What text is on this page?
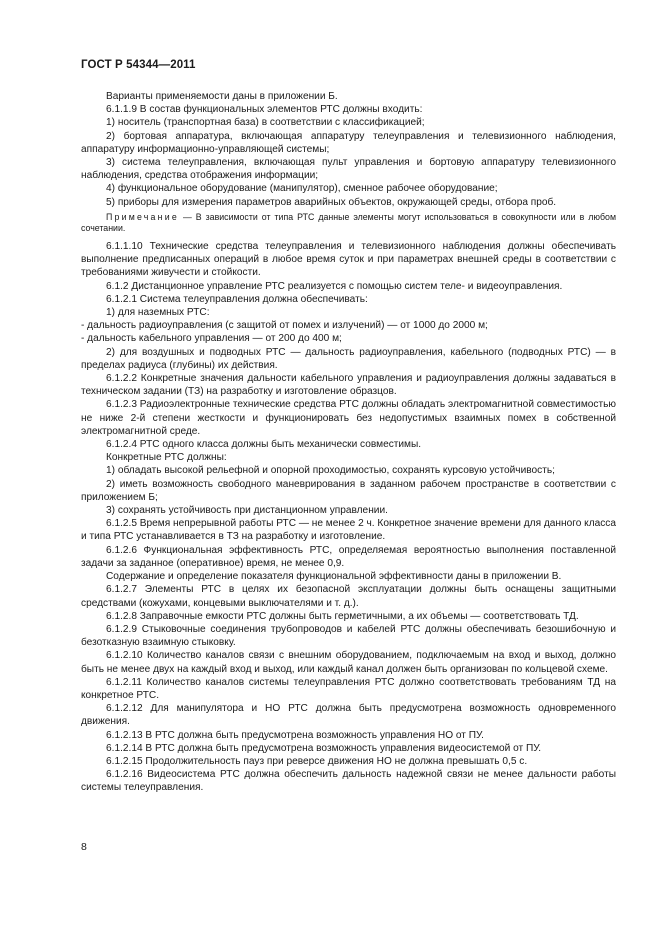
ГОСТ Р 54344—2011

Варианты применяемости даны в приложении Б.

6.1.1.9 В состав функциональных элементов РТС должны входить:

1) носитель (транспортная база) в соответствии с классификацией;

2) бортовая аппаратура, включающая аппаратуру телеуправления и телевизионного наблюдения, аппаратуру информационно-управляющей системы;

3) система телеуправления, включающая пульт управления и бортовую аппаратуру телевизионного наблюдения, средства отображения информации;

4) функциональное оборудование (манипулятор), сменное рабочее оборудование;

5) приборы для измерения параметров аварийных объектов, окружающей среды, отбора проб.

Примечание — В зависимости от типа РТС данные элементы могут использоваться в совокупности или в любом сочетании.

6.1.1.10 Технические средства телеуправления и телевизионного наблюдения должны обеспечивать выполнение предписанных операций в любое время суток и при параметрах внешней среды в соответствии с требованиями живучести и стойкости.

6.1.2 Дистанционное управление РТС реализуется с помощью систем теле- и видеоуправления.

6.1.2.1 Система телеуправления должна обеспечивать:

1) для наземных РТС:

- дальность радиоуправления (с защитой от помех и излучений) — от 1000 до 2000 м;

- дальность кабельного управления — от 200 до 400 м;

2) для воздушных и подводных РТС — дальность радиоуправления, кабельного (подводных РТС) — в пределах радиуса (глубины) их действия.

6.1.2.2 Конкретные значения дальности кабельного управления и радиоуправления должны задаваться в техническом задании (ТЗ) на разработку и изготовление образцов.

6.1.2.3 Радиоэлектронные технические средства РТС должны обладать электромагнитной совместимостью не ниже 2-й степени жесткости и функционировать без недопустимых взаимных помех в собственной электромагнитной среде.

6.1.2.4 РТС одного класса должны быть механически совместимы.

Конкретные РТС должны:

1) обладать высокой рельефной и опорной проходимостью, сохранять курсовую устойчивость;

2) иметь возможность свободного маневрирования в заданном рабочем пространстве в соответствии с приложением Б;

3) сохранять устойчивость при дистанционном управлении.

6.1.2.5 Время непрерывной работы РТС — не менее 2 ч. Конкретное значение времени для данного класса и типа РТС устанавливается в ТЗ на разработку и изготовление.

6.1.2.6 Функциональная эффективность РТС, определяемая вероятностью выполнения поставленной задачи за заданное (оперативное) время, не менее 0,9.

Содержание и определение показателя функциональной эффективности даны в приложении В.

6.1.2.7 Элементы РТС в целях их безопасной эксплуатации должны быть оснащены защитными средствами (кожухами, концевыми выключателями и т. д.).

6.1.2.8 Заправочные емкости РТС должны быть герметичными, а их объемы — соответствовать ТД.

6.1.2.9 Стыковочные соединения трубопроводов и кабелей РТС должны обеспечивать безошибочную и безотказную взаимную стыковку.

6.1.2.10 Количество каналов связи с внешним оборудованием, подключаемым на вход и выход, должно быть не менее двух на каждый вход и выход, или каждый канал должен быть организован по кольцевой схеме.

6.1.2.11 Количество каналов системы телеуправления РТС должно соответствовать требованиям ТД на конкретное РТС.

6.1.2.12 Для манипулятора и НО РТС должна быть предусмотрена возможность одновременного движения.

6.1.2.13 В РТС должна быть предусмотрена возможность управления НО от ПУ.

6.1.2.14 В РТС должна быть предусмотрена возможность управления видеосистемой от ПУ.

6.1.2.15 Продолжительность пауз при реверсе движения НО не должна превышать 0,5 с.

6.1.2.16 Видеосистема РТС должна обеспечить дальность надежной связи не менее дальности работы системы телеуправления.

8
